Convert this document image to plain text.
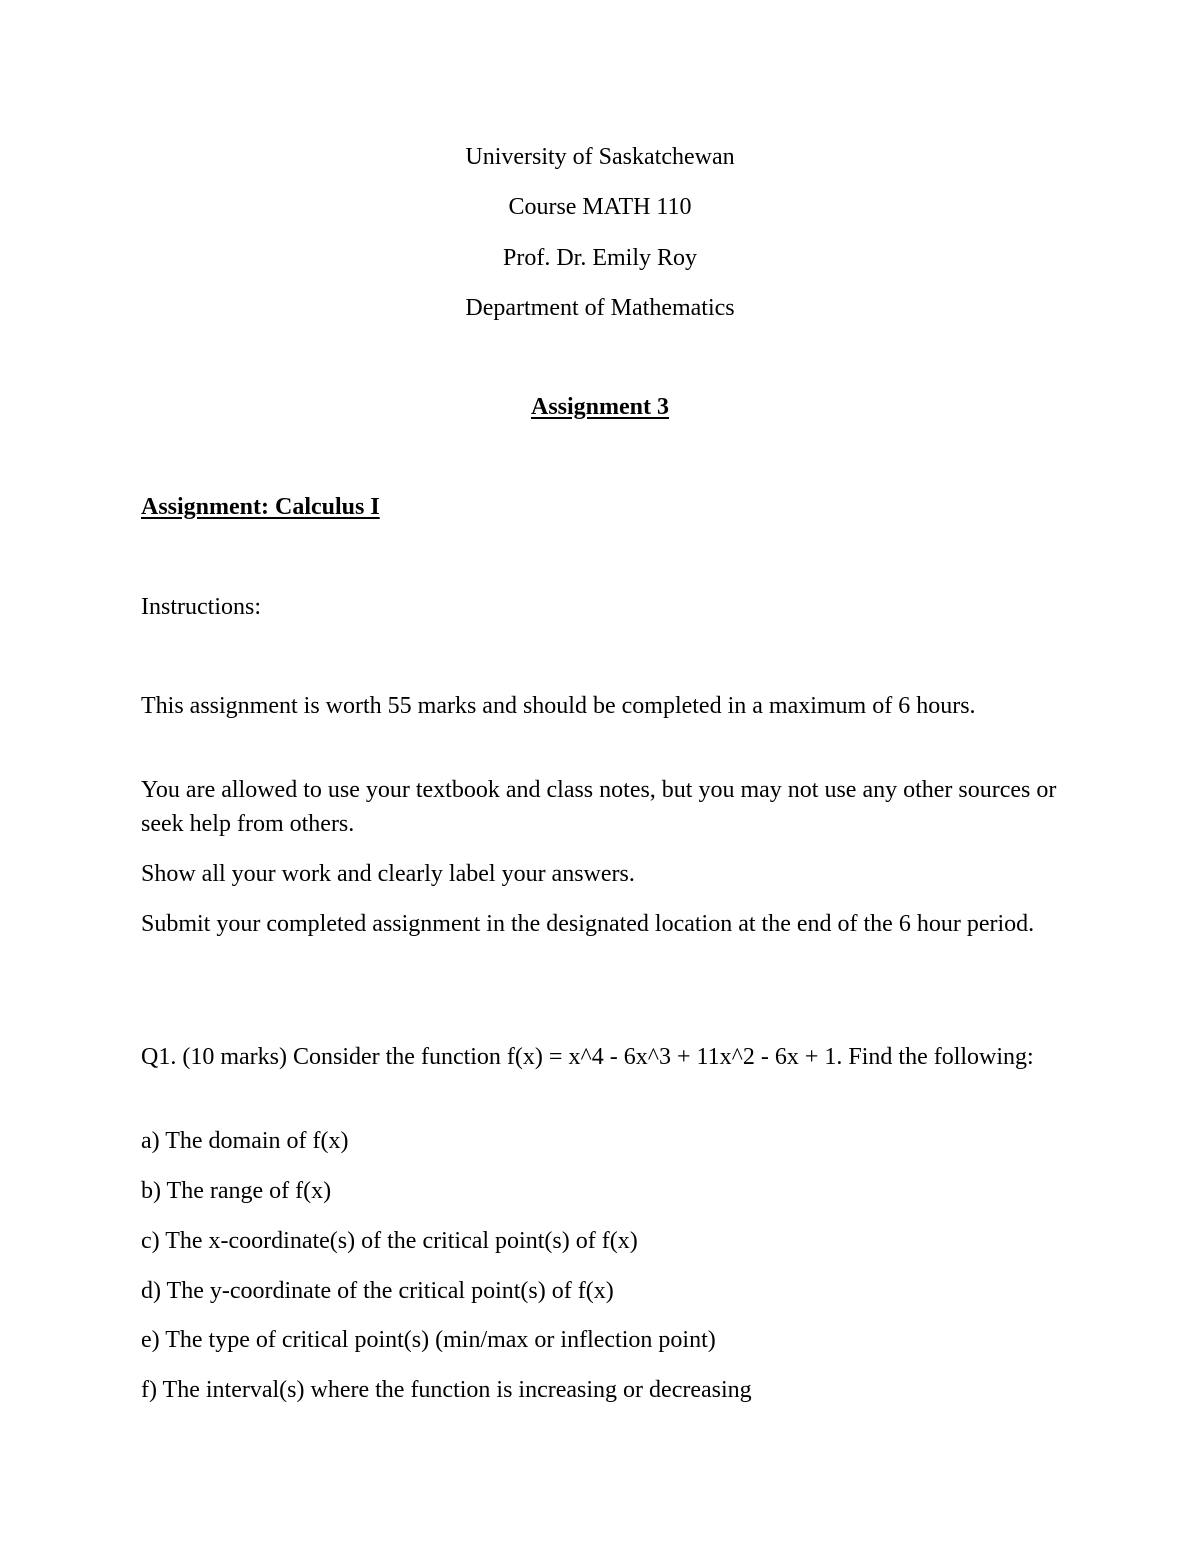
University of Saskatchewan
Course MATH 110
Prof. Dr. Emily Roy
Department of Mathematics
Assignment 3
Assignment: Calculus I
Instructions:
This assignment is worth 55 marks and should be completed in a maximum of 6 hours.
You are allowed to use your textbook and class notes, but you may not use any other sources or seek help from others.
Show all your work and clearly label your answers.
Submit your completed assignment in the designated location at the end of the 6 hour period.
Q1. (10 marks) Consider the function f(x) = x^4 - 6x^3 + 11x^2 - 6x + 1. Find the following:
a) The domain of f(x)
b) The range of f(x)
c) The x-coordinate(s) of the critical point(s) of f(x)
d) The y-coordinate of the critical point(s) of f(x)
e) The type of critical point(s) (min/max or inflection point)
f) The interval(s) where the function is increasing or decreasing
